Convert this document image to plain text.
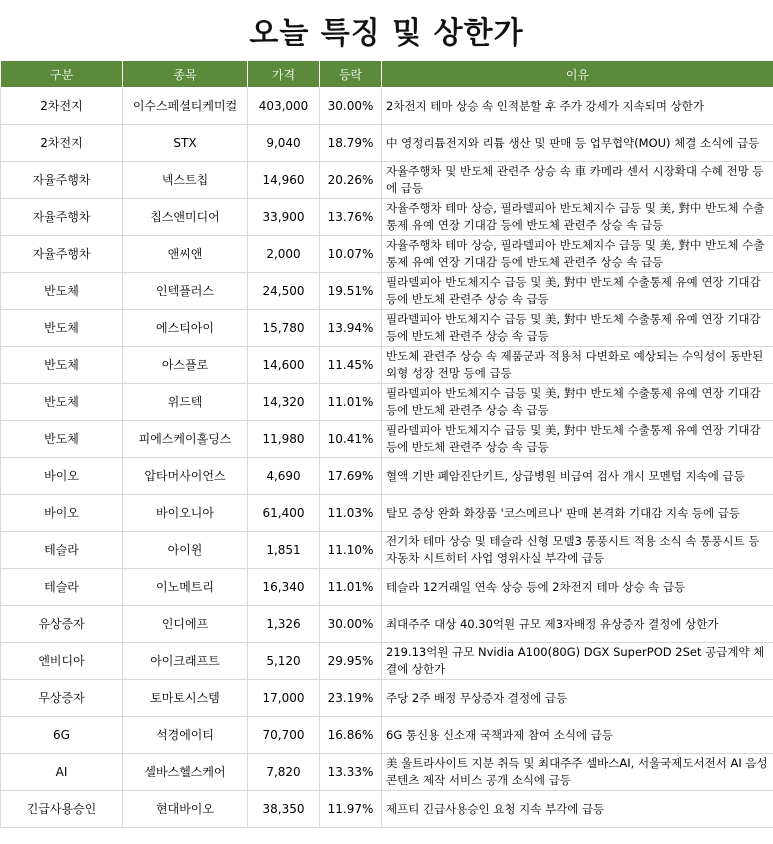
오늘 특징 및 상한가
구분	종목	가격	등락	이유
2차전지	이수스페셜티케미컬	403,000	30.00%	2차전지 테마 상승 속 인적분할 후 주가 강세가 지속되며 상한가
2차전지	STX	9,040	18.79%	中 영정리튬전지와 리튬 생산 및 판매 등 업무협약(MOU) 체결 소식에 급등
자율주행차	넥스트칩	14,960	20.26%	자율주행차 및 반도체 관련주 상승 속 車 카메라 센서 시장확대 수혜 전망 등에 급등
자율주행차	칩스앤미디어	33,900	13.76%	자율주행차 테마 상승, 필라델피아 반도체지수 급등 및 美, 對中 반도체 수출통제 유예 연장 기대감 등에 반도체 관련주 상승 속 급등
자율주행차	앤씨앤	2,000	10.07%	자율주행차 테마 상승, 필라델피아 반도체지수 급등 및 美, 對中 반도체 수출통제 유예 연장 기대감 등에 반도체 관련주 상승 속 급등
반도체	인텍플러스	24,500	19.51%	필라델피아 반도체지수 급등 및 美, 對中 반도체 수출통제 유예 연장 기대감 등에 반도체 관련주 상승 속 급등
반도체	에스티아이	15,780	13.94%	필라델피아 반도체지수 급등 및 美, 對中 반도체 수출통제 유예 연장 기대감 등에 반도체 관련주 상승 속 급등
반도체	아스플로	14,600	11.45%	반도체 관련주 상승 속 제품군과 적용처 다변화로 예상되는 수익성이 동반된 외형 성장 전망 등에 급등
반도체	위드텍	14,320	11.01%	필라델피아 반도체지수 급등 및 美, 對中 반도체 수출통제 유예 연장 기대감 등에 반도체 관련주 상승 속 급등
반도체	피에스케이홀딩스	11,980	10.41%	필라델피아 반도체지수 급등 및 美, 對中 반도체 수출통제 유예 연장 기대감 등에 반도체 관련주 상승 속 급등
바이오	압타머사이언스	4,690	17.69%	혈액 기반 폐암진단키트, 상급병원 비급여 검사 개시 모멘텀 지속에 급등
바이오	바이오니아	61,400	11.03%	탈모 증상 완화 화장품 '코스메르나' 판매 본격화 기대감 지속 등에 급등
테슬라	아이윈	1,851	11.10%	전기차 테마 상승 및 테슬라 신형 모델3 통풍시트 적용 소식 속 통풍시트 등 자동차 시트히터 사업 영위사실 부각에 급등
테슬라	이노메트리	16,340	11.01%	테슬라 12거래일 연속 상승 등에 2차전지 테마 상승 속 급등
유상증자	인디에프	1,326	30.00%	최대주주 대상 40.30억원 규모 제3자배정 유상증자 결정에 상한가
엔비디아	아이크래프트	5,120	29.95%	219.13억원 규모 Nvidia A100(80G) DGX SuperPOD 2Set 공급계약 체결에 상한가
무상증자	토마토시스템	17,000	23.19%	주당 2주 배정 무상증자 결정에 급등
6G	석경에이티	70,700	16.86%	6G 통신용 신소재 국책과제 참여 소식에 급등
AI	셀바스헬스케어	7,820	13.33%	美 울트라사이트 지분 취득 및 최대주주 셀바스AI, 서울국제도서전서 AI 음성 콘텐츠 제작 서비스 공개 소식에 급등
긴급사용승인	현대바이오	38,350	11.97%	제프티 긴급사용승인 요청 지속 부각에 급등
